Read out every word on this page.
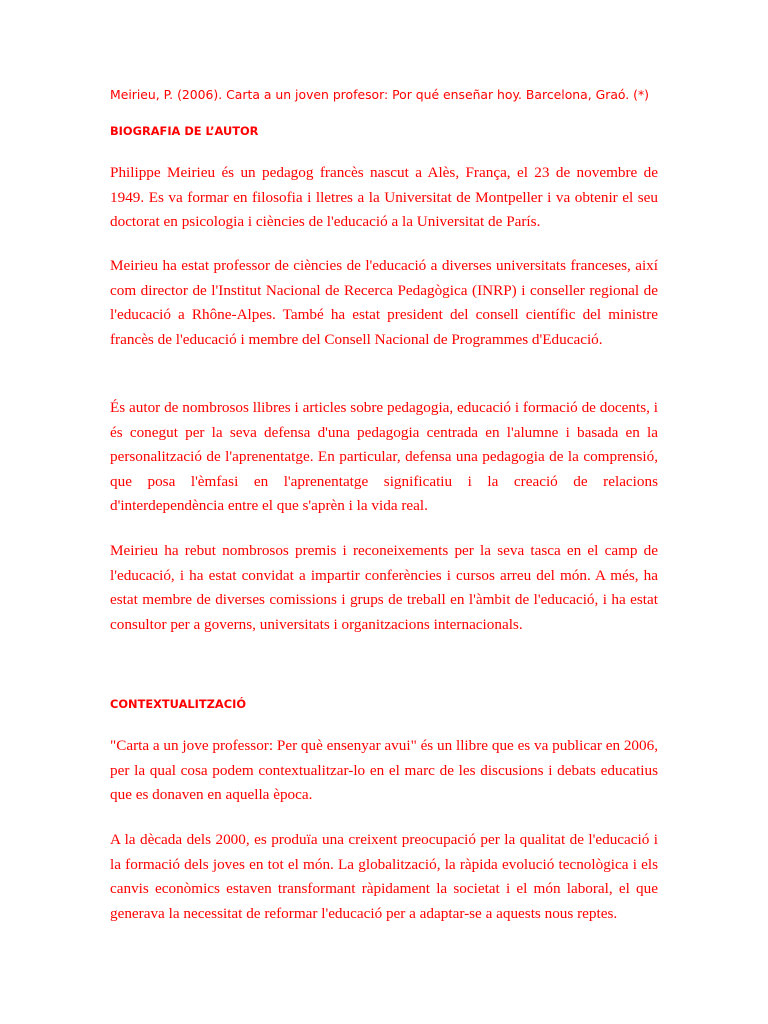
Meirieu, P. (2006). Carta a un joven profesor: Por qué enseñar hoy. Barcelona, Graó. (*)
BIOGRAFIA DE L’AUTOR

Philippe Meirieu és un pedagog francès nascut a Alès, França, el 23 de novembre de 1949. Es va formar en filosofia i lletres a la Universitat de Montpeller i va obtenir el seu doctorat en psicologia i ciències de l'educació a la Universitat de París.

Meirieu ha estat professor de ciències de l'educació a diverses universitats franceses, així com director de l'Institut Nacional de Recerca Pedagògica (INRP) i conseller regional de l'educació a Rhône-Alpes. També ha estat president del consell científic del ministre francès de l'educació i membre del Consell Nacional de Programmes d'Educació.

És autor de nombrosos llibres i articles sobre pedagogia, educació i formació de docents, i és conegut per la seva defensa d'una pedagogia centrada en l'alumne i basada en la personalització de l'aprenentatge. En particular, defensa una pedagogia de la comprensió, que posa l'èmfasi en l'aprenentatge significatiu i la creació de relacions d'interdependència entre el que s'aprèn i la vida real.

Meirieu ha rebut nombrosos premis i reconeixements per la seva tasca en el camp de l'educació, i ha estat convidat a impartir conferències i cursos arreu del món. A més, ha estat membre de diverses comissions i grups de treball en l'àmbit de l'educació, i ha estat consultor per a governs, universitats i organitzacions internacionals.

CONTEXTUALITZACIÓ

"Carta a un jove professor: Per què ensenyar avui" és un llibre que es va publicar en 2006, per la qual cosa podem contextualitzar-lo en el marc de les discusions i debats educatius que es donaven en aquella època.

A la dècada dels 2000, es produïa una creixent preocupació per la qualitat de l'educació i la formació dels joves en tot el món. La globalització, la ràpida evolució tecnològica i els canvis econòmics estaven transformant ràpidament la societat i el món laboral, el que generava la necessitat de reformar l'educació per a adaptar-se a aquests nous reptes.
